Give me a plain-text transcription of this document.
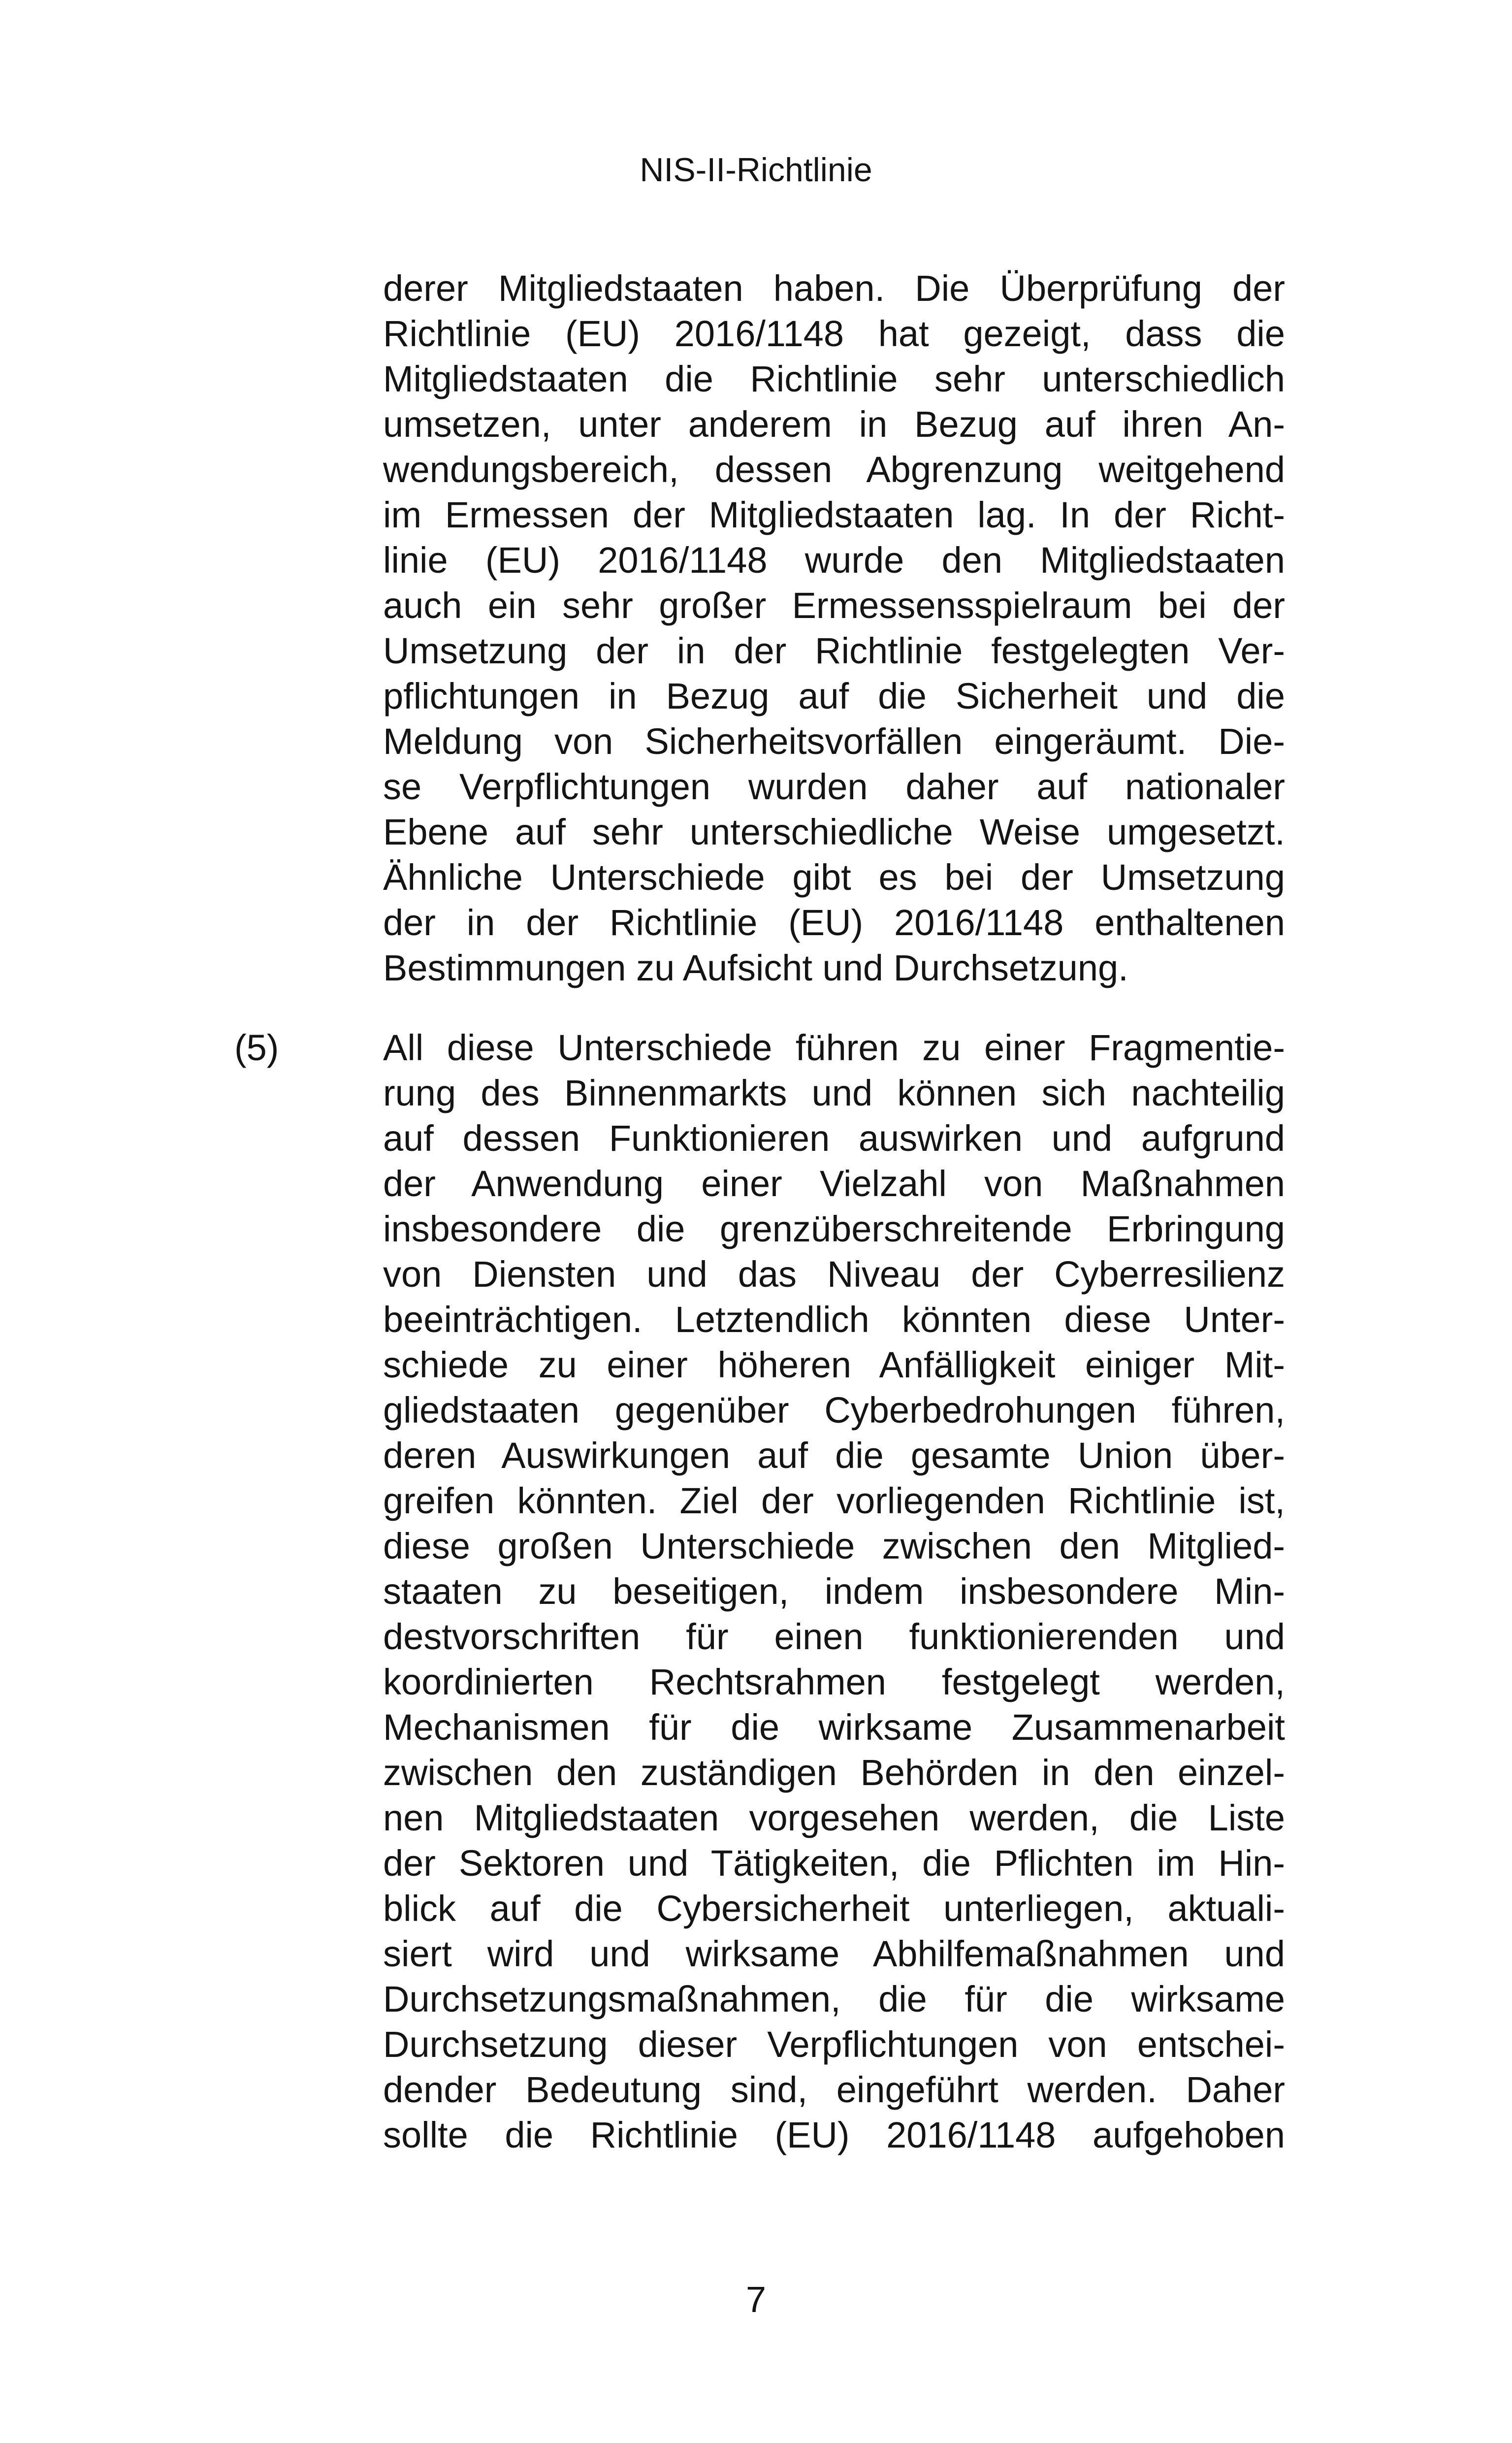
NIS-II-Richtlinie
derer Mitgliedstaaten haben. Die Überprüfung der
Richtlinie (EU) 2016/1148 hat gezeigt, dass die
Mitgliedstaaten die Richtlinie sehr unterschiedlich
umsetzen, unter anderem in Bezug auf ihren An-
wendungsbereich, dessen Abgrenzung weitgehend
im Ermessen der Mitgliedstaaten lag. In der Richt-
linie (EU) 2016/1148 wurde den Mitgliedstaaten
auch ein sehr großer Ermessensspielraum bei der
Umsetzung der in der Richtlinie festgelegten Ver-
pflichtungen in Bezug auf die Sicherheit und die
Meldung von Sicherheitsvorfällen eingeräumt. Die-
se Verpflichtungen wurden daher auf nationaler
Ebene auf sehr unterschiedliche Weise umgesetzt.
Ähnliche Unterschiede gibt es bei der Umsetzung
der in der Richtlinie (EU) 2016/1148 enthaltenen
Bestimmungen zu Aufsicht und Durchsetzung.
(5)	All diese Unterschiede führen zu einer Fragmentie-
rung des Binnenmarkts und können sich nachteilig
auf dessen Funktionieren auswirken und aufgrund
der Anwendung einer Vielzahl von Maßnahmen
insbesondere die grenzüberschreitende Erbringung
von Diensten und das Niveau der Cyberresilienz
beeinträchtigen. Letztendlich könnten diese Unter-
schiede zu einer höheren Anfälligkeit einiger Mit-
gliedstaaten gegenüber Cyberbedrohungen führen,
deren Auswirkungen auf die gesamte Union über-
greifen könnten. Ziel der vorliegenden Richtlinie ist,
diese großen Unterschiede zwischen den Mitglied-
staaten zu beseitigen, indem insbesondere Min-
destvorschriften für einen funktionierenden und
koordinierten Rechtsrahmen festgelegt werden,
Mechanismen für die wirksame Zusammenarbeit
zwischen den zuständigen Behörden in den einzel-
nen Mitgliedstaaten vorgesehen werden, die Liste
der Sektoren und Tätigkeiten, die Pflichten im Hin-
blick auf die Cybersicherheit unterliegen, aktuali-
siert wird und wirksame Abhilfemaßnahmen und
Durchsetzungsmaßnahmen, die für die wirksame
Durchsetzung dieser Verpflichtungen von entschei-
dender Bedeutung sind, eingeführt werden. Daher
sollte die Richtlinie (EU) 2016/1148 aufgehoben
7
